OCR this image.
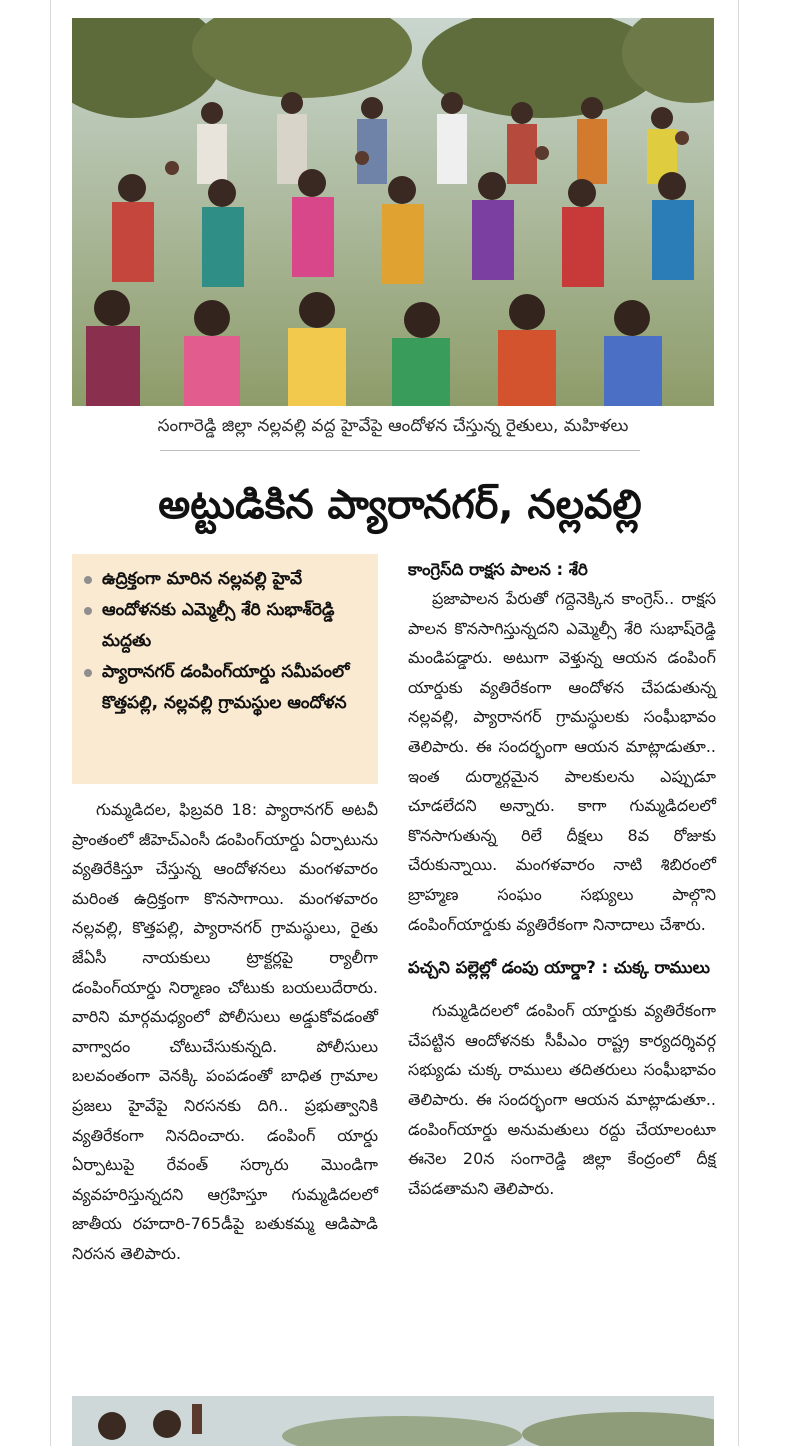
సంగారెడ్డి జిల్లా నల్లవల్లి వద్ద హైవేపై ఆందోళన చేస్తున్న రైతులు, మహిళలు
అట్టుడికిన ప్యారానగర్, నల్లవల్లి
ఉద్రిక్తంగా మారిన నల్లవల్లి హైవే
ఆందోళనకు ఎమ్మెల్సీ శేరి సుభాశ్‌రెడ్డి మద్దతు
ప్యారానగర్ డంపింగ్‌యార్డు సమీపంలో కొత్తపల్లి, నల్లవల్లి గ్రామస్థుల ఆందోళన

గుమ్మడిదల, ఫిబ్రవరి 18: ప్యారానగర్ అటవీ ప్రాంతంలో జీహెచ్‌ఎంసీ డంపింగ్‌యార్డు ఏర్పాటును వ్యతిరేకిస్తూ చేస్తున్న ఆందోళనలు మంగళవారం మరింత ఉద్రిక్తంగా కొనసాగాయి. మంగళవారం నల్లవల్లి, కొత్తపల్లి, ప్యారానగర్ గ్రామస్థులు, రైతు జేఏసీ నాయకులు ట్రాక్టర్లపై ర్యాలీగా డంపింగ్‌యార్డు నిర్మాణం చోటుకు బయలుదేరారు. వారిని మార్గమధ్యంలో పోలీసులు అడ్డుకోవడంతో వాగ్వాదం చోటుచేసుకున్నది. పోలీసులు బలవంతంగా వెనక్కి పంపడంతో బాధిత గ్రామాల ప్రజలు హైవేపై నిరసనకు దిగి.. ప్రభుత్వానికి వ్యతిరేకంగా నినదించారు. డంపింగ్ యార్డు ఏర్పాటుపై రేవంత్ సర్కారు మొండిగా వ్యవహరిస్తున్నదని ఆగ్రహిస్తూ గుమ్మడిదలలో జాతీయ రహదారి-765డీపై బతుకమ్మ ఆడిపాడి నిరసన తెలిపారు.

కాంగ్రెస్‌ది రాక్షస పాలన : శేరి

ప్రజాపాలన పేరుతో గద్దెనెక్కిన కాంగ్రెస్.. రాక్షస పాలన కొనసాగిస్తున్నదని ఎమ్మెల్సీ శేరి సుభాష్‌రెడ్డి మండిపడ్డారు. అటుగా వెళ్తున్న ఆయన డంపింగ్ యార్డుకు వ్యతిరేకంగా ఆందోళన చేపడుతున్న నల్లవల్లి, ప్యారానగర్ గ్రామస్థులకు సంఘీభావం తెలిపారు. ఈ సందర్భంగా ఆయన మాట్లాడుతూ.. ఇంత దుర్మార్గమైన పాలకులను ఎప్పుడూ చూడలేదని అన్నారు. కాగా గుమ్మడిదలలో కొనసాగుతున్న రిలే దీక్షలు 8వ రోజుకు చేరుకున్నాయి. మంగళవారం నాటి శిబిరంలో బ్రాహ్మణ సంఘం సభ్యులు పాల్గొని డంపింగ్‌యార్డుకు వ్యతిరేకంగా నినాదాలు చేశారు.

పచ్చని పల్లెల్లో డంపు యార్డా? : చుక్క రాములు

గుమ్మడిదలలో డంపింగ్ యార్డుకు వ్యతిరేకంగా చేపట్టిన ఆందోళనకు సీపీఎం రాష్ట్ర కార్యదర్శివర్గ సభ్యుడు చుక్క రాములు తదితరులు సంఘీభావం తెలిపారు. ఈ సందర్భంగా ఆయన మాట్లాడుతూ.. డంపింగ్‌యార్డు అనుమతులు రద్దు చేయాలంటూ ఈనెల 20న సంగారెడ్డి జిల్లా కేంద్రంలో దీక్ష చేపడతామని తెలిపారు.
